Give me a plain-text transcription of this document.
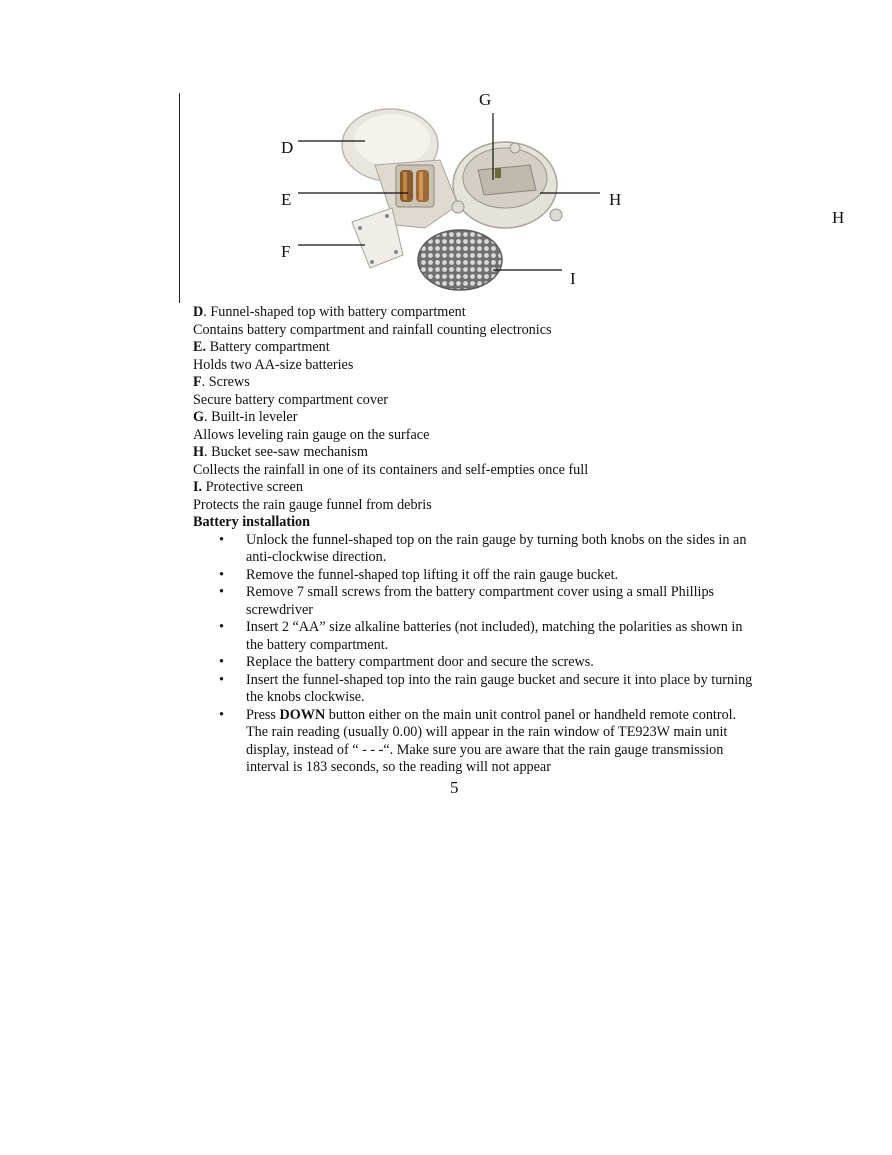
D
E
F
G
H
I
H

D. Funnel-shaped top with battery compartment

Contains battery compartment and rainfall counting electronics

E. Battery compartment

Holds two AA-size batteries

F. Screws

Secure battery compartment cover

G. Built-in leveler

Allows leveling rain gauge on the surface

H. Bucket see-saw mechanism

Collects the rainfall in one of its containers and self-empties once full

I. Protective screen

Protects the rain gauge funnel from debris

Battery installation

• Unlock the funnel-shaped top on the rain gauge by turning both knobs on the sides in an anti-clockwise direction.
• Remove the funnel-shaped top lifting it off the rain gauge bucket.
• Remove 7 small screws from the battery compartment cover using a small Phillips screwdriver
• Insert 2 “AA” size alkaline batteries (not included), matching the polarities as shown in the battery compartment.
• Replace the battery compartment door and secure the screws.
• Insert the funnel-shaped top into the rain gauge bucket and secure it into place by turning the knobs clockwise.
• Press DOWN button either on the main unit control panel or handheld remote control. The rain reading (usually 0.00) will appear in the rain window of TE923W main unit display, instead of “ - - -“. Make sure you are aware that the rain gauge transmission interval is 183 seconds, so the reading will not appear
5
